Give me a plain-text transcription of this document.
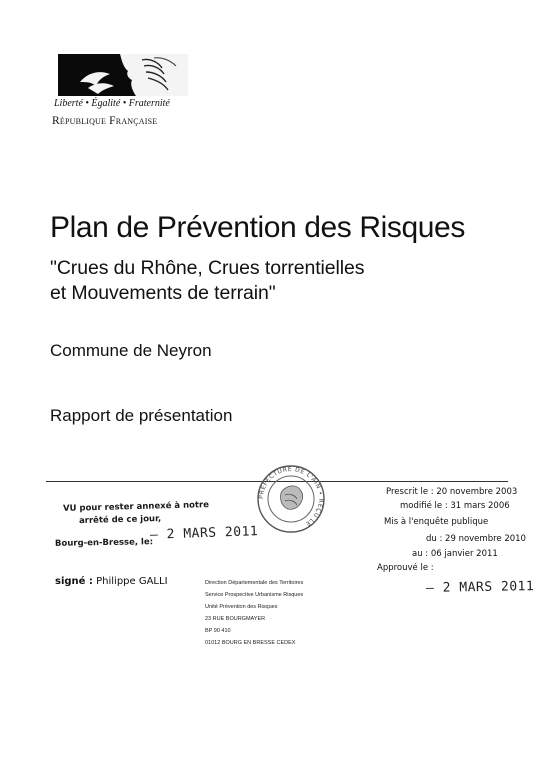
Liberté • Égalité • Fraternité
République Française
Plan de Prévention des Risques
"Crues du Rhône, Crues torrentielles
et Mouvements de terrain"
Commune de Neyron
Rapport de présentation
VU pour rester annexé à notre
arrêté de ce jour,
Bourg-en-Bresse, le:
– 2 MARS 2011
signé : Philippe GALLI
PRÉFECTURE DE L'AIN • REÇU LE
Direction Départementale des Territoires
Service Prospective Urbanisme Risques
Unité Prévention des Risques
23 RUE BOURGMAYER
BP 90 410
01012 BOURG EN BRESSE CEDEX
Prescrit le : 20 novembre 2003
modifié le : 31 mars 2006
Mis à l'enquête publique
du : 29 novembre 2010
au : 06 janvier 2011
Approuvé le :
– 2 MARS 2011
